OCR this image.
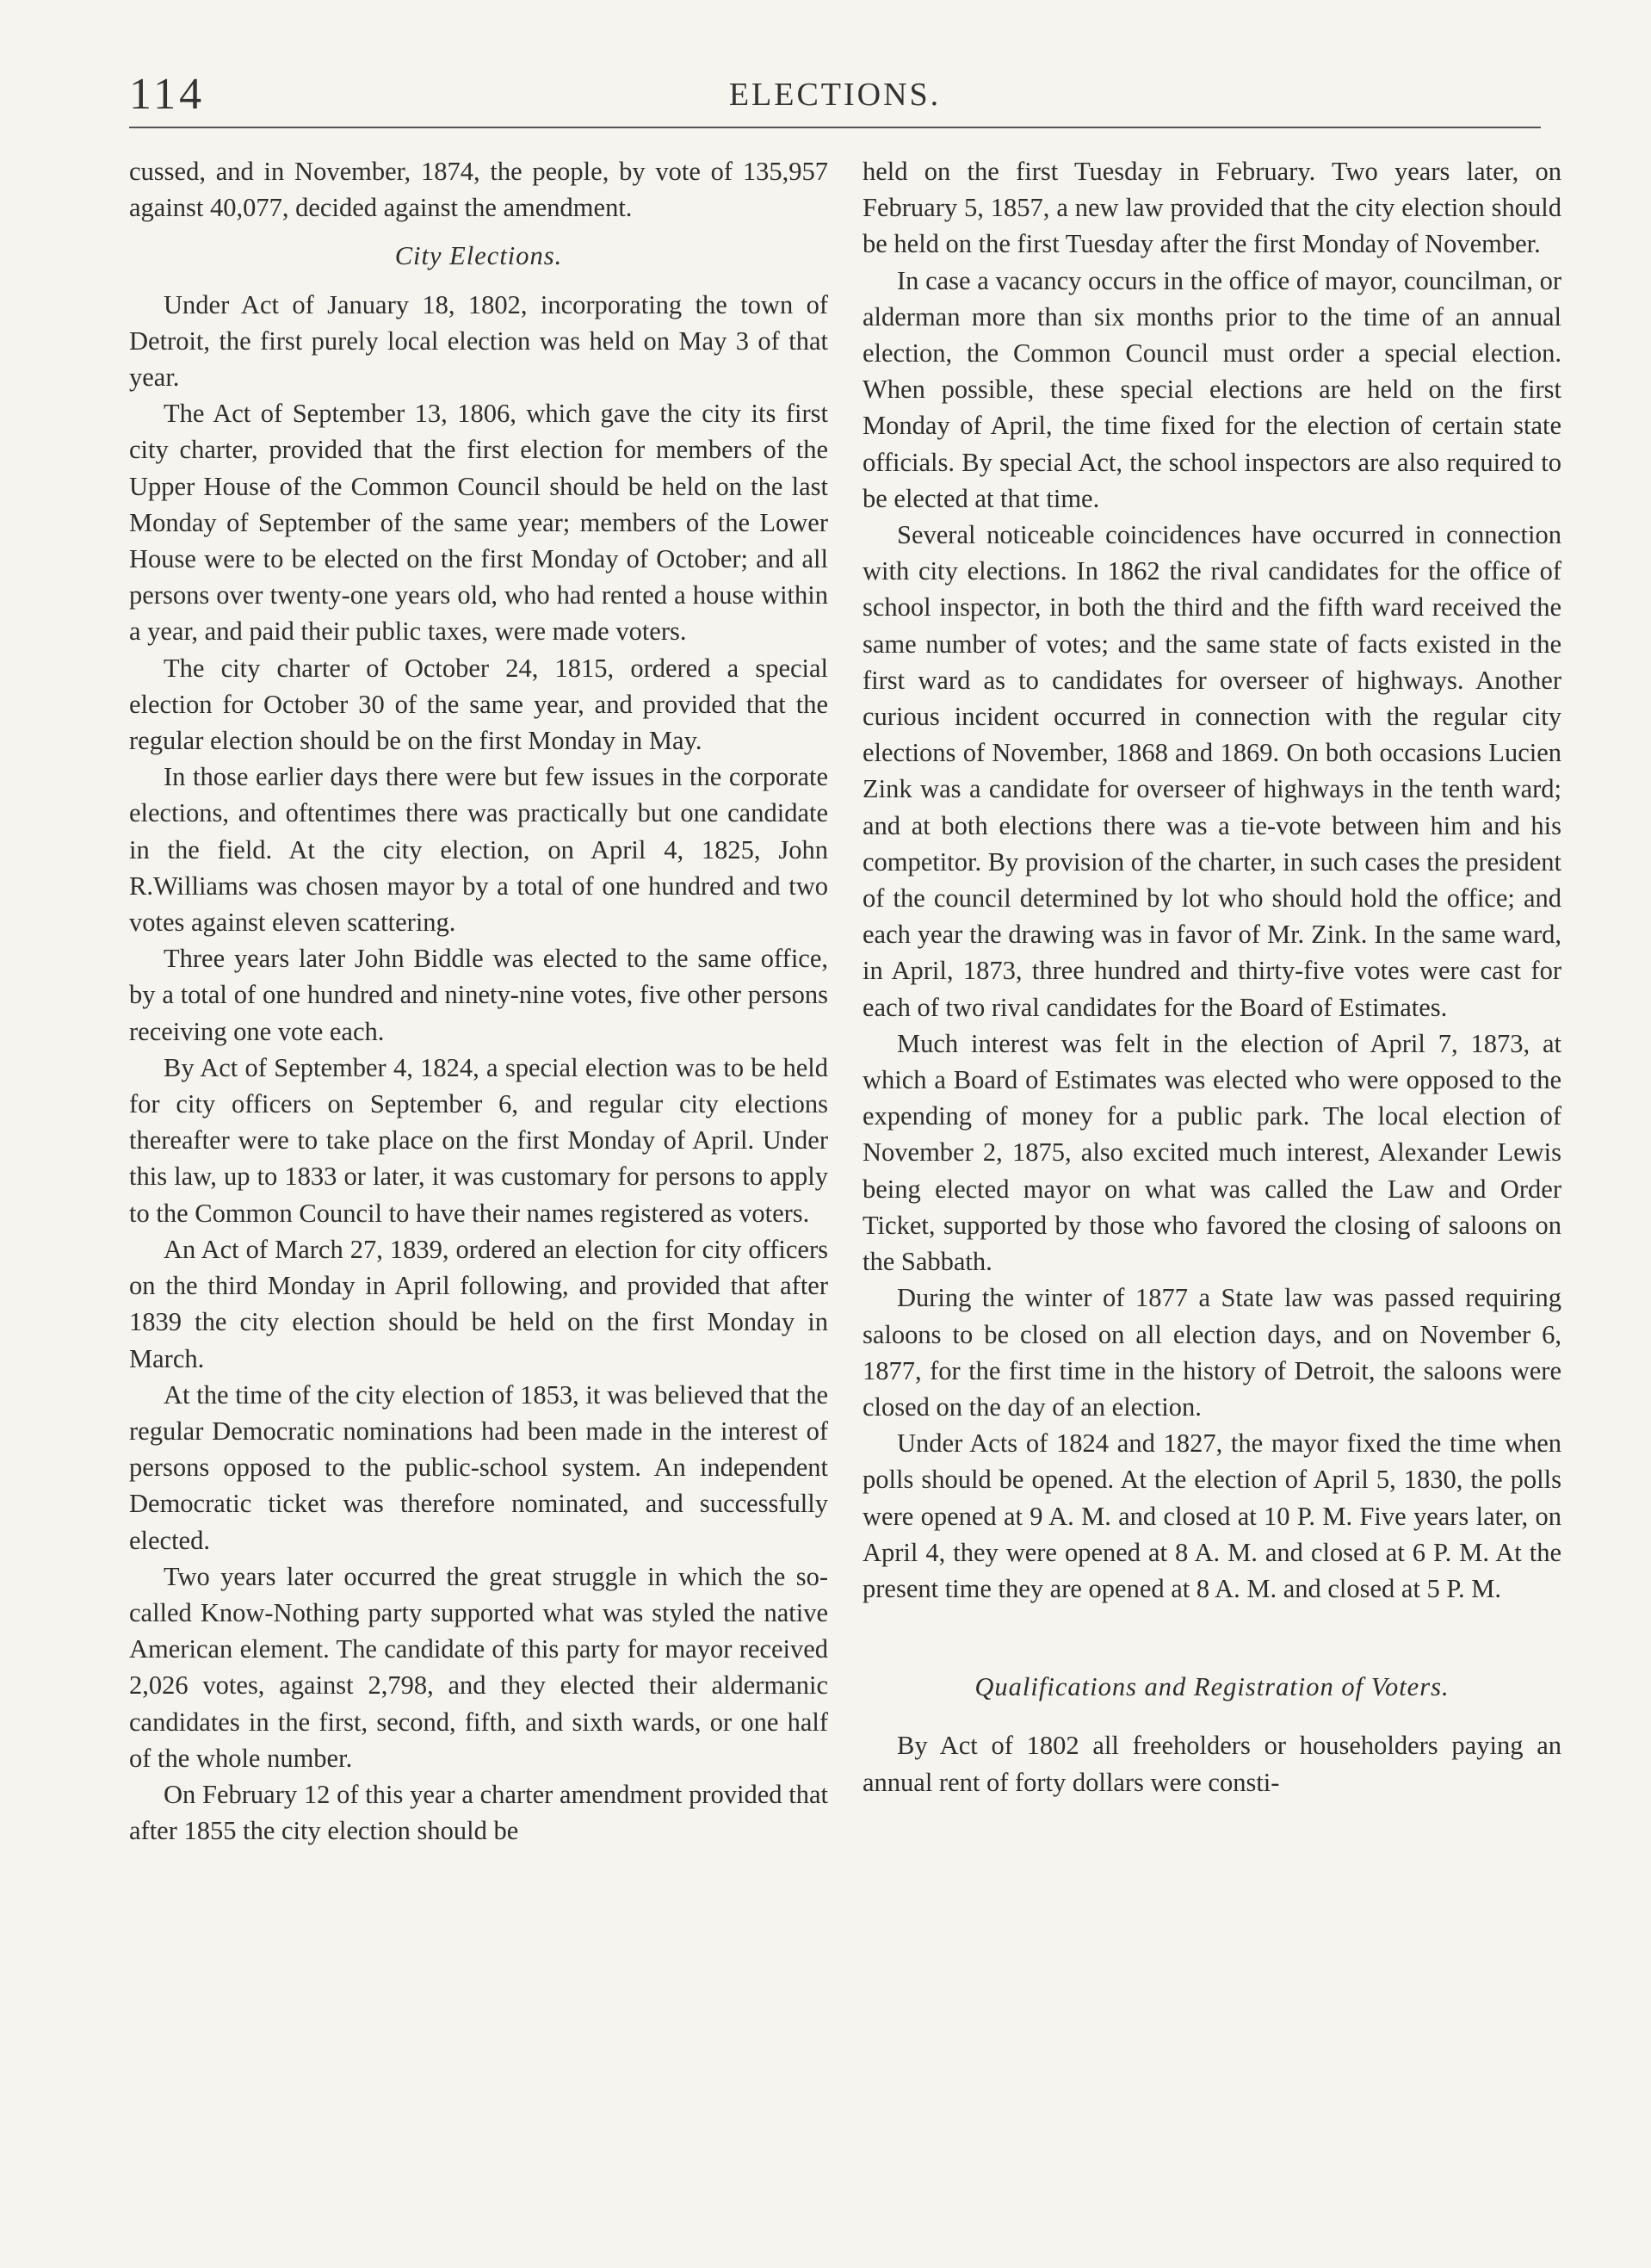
114	ELECTIONS.

cussed, and in November, 1874, the people, by vote of 135,957 against 40,077, decided against the amendment.

City Elections.

Under Act of January 18, 1802, incorporating the town of Detroit, the first purely local election was held on May 3 of that year.

The Act of September 13, 1806, which gave the city its first city charter, provided that the first election for members of the Upper House of the Common Council should be held on the last Monday of September of the same year; members of the Lower House were to be elected on the first Monday of October; and all persons over twenty-one years old, who had rented a house within a year, and paid their public taxes, were made voters.

The city charter of October 24, 1815, ordered a special election for October 30 of the same year, and provided that the regular election should be on the first Monday in May.

In those earlier days there were but few issues in the corporate elections, and oftentimes there was practically but one candidate in the field. At the city election, on April 4, 1825, John R.Williams was chosen mayor by a total of one hundred and two votes against eleven scattering.

Three years later John Biddle was elected to the same office, by a total of one hundred and ninety-nine votes, five other persons receiving one vote each.

By Act of September 4, 1824, a special election was to be held for city officers on September 6, and regular city elections thereafter were to take place on the first Monday of April. Under this law, up to 1833 or later, it was customary for persons to apply to the Common Council to have their names registered as voters.

An Act of March 27, 1839, ordered an election for city officers on the third Monday in April following, and provided that after 1839 the city election should be held on the first Monday in March.

At the time of the city election of 1853, it was believed that the regular Democratic nominations had been made in the interest of persons opposed to the public-school system. An independent Democratic ticket was therefore nominated, and successfully elected.

Two years later occurred the great struggle in which the so-called Know-Nothing party supported what was styled the native American element. The candidate of this party for mayor received 2,026 votes, against 2,798, and they elected their aldermanic candidates in the first, second, fifth, and sixth wards, or one half of the whole number.

On February 12 of this year a charter amendment provided that after 1855 the city election should be

held on the first Tuesday in February. Two years later, on February 5, 1857, a new law provided that the city election should be held on the first Tuesday after the first Monday of November.

In case a vacancy occurs in the office of mayor, councilman, or alderman more than six months prior to the time of an annual election, the Common Council must order a special election. When possible, these special elections are held on the first Monday of April, the time fixed for the election of certain state officials. By special Act, the school inspectors are also required to be elected at that time.

Several noticeable coincidences have occurred in connection with city elections. In 1862 the rival candidates for the office of school inspector, in both the third and the fifth ward received the same number of votes; and the same state of facts existed in the first ward as to candidates for overseer of highways. Another curious incident occurred in connection with the regular city elections of November, 1868 and 1869. On both occasions Lucien Zink was a candidate for overseer of highways in the tenth ward; and at both elections there was a tie-vote between him and his competitor. By provision of the charter, in such cases the president of the council determined by lot who should hold the office; and each year the drawing was in favor of Mr. Zink. In the same ward, in April, 1873, three hundred and thirty-five votes were cast for each of two rival candidates for the Board of Estimates.

Much interest was felt in the election of April 7, 1873, at which a Board of Estimates was elected who were opposed to the expending of money for a public park. The local election of November 2, 1875, also excited much interest, Alexander Lewis being elected mayor on what was called the Law and Order Ticket, supported by those who favored the closing of saloons on the Sabbath.

During the winter of 1877 a State law was passed requiring saloons to be closed on all election days, and on November 6, 1877, for the first time in the history of Detroit, the saloons were closed on the day of an election.

Under Acts of 1824 and 1827, the mayor fixed the time when polls should be opened. At the election of April 5, 1830, the polls were opened at 9 A. M. and closed at 10 P. M. Five years later, on April 4, they were opened at 8 A. M. and closed at 6 P. M. At the present time they are opened at 8 A. M. and closed at 5 P. M.

Qualifications and Registration of Voters.

By Act of 1802 all freeholders or householders paying an annual rent of forty dollars were consti-
